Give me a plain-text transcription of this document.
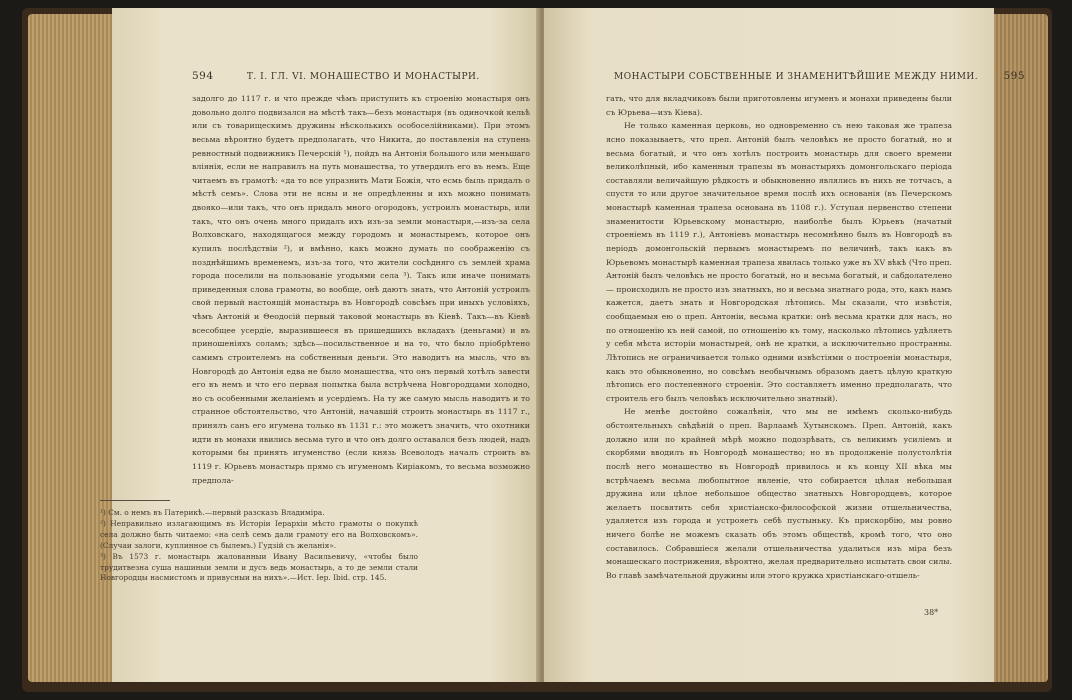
594	Т. І. ГЛ. VI. МОНАШЕСТВО И МОНАСТЫРИ.

задолго до 1117 г. и что прежде чѣмъ приступить къ строенію монастыря онъ довольно долго подвизался на мѣстѣ такъ—безъ монастыря (въ одиночкой кельѣ или съ товарищескимъ дружины нѣсколькихъ особоселійниками). При этомъ весьма вѣроятно будетъ предполагать, что Никита, до поставленія на ступень ревностный подвижникъ Печерскій ¹), пойдъ на Антонія большого или меньшаго вліянія, если не направилъ на путь монашества, то утвердилъ его въ немъ. Еще читаемъ въ грамотѣ: «да то все упразнить Мати Божія, что есмь быль придалъ о мѣстѣ семъ». Слова эти не ясны и не опредѣленны и ихъ можно понимать двояко—или такъ, что онъ придалъ много огородовъ, устроилъ монастырь, или такъ, что онъ очень много придалъ ихъ изъ-за земли монастыря,—изъ-за села Волховскаго, находящагося между городомъ и монастыремъ, которое онъ купилъ послѣдствіи ²), и вмѣнно, какъ можно думать по соображенію съ позднѣйшимъ временемъ, изъ-за того, что жители сосѣдняго съ землей храма города поселили на пользованіе угодьями села ³). Такъ или иначе понимать приведенныя слова грамоты, во вообще, онѣ даютъ знать, что Антоній устроилъ свой первый настоящій монастырь въ Новгородѣ совсѣмъ при иныхъ условіяхъ, чѣмъ Антоній и Θеодосій первый таковой монастырь въ Кіевѣ. Такъ—въ Кіевѣ всесобщее усердіе, выразившееся въ пришедшихъ вкладахъ (деньгами) и въ приношеніяхъ соламъ; здѣсь—посильственное и на то, что было пріобрѣтено самимъ строителемъ на собственныя деньги. Это наводитъ на мысль, что въ Новгородѣ до Антонія едва не было монашества, что онъ первый хотѣлъ завести его въ немъ и что его первая попытка была встрѣчена Новгородцами холодно, но съ особенными желаніемъ и усердіемъ. На ту же самую мысль наводитъ и то странное обстоятельство, что Антоній, начавшій строить монастырь въ 1117 г., принялъ санъ его игумена только въ 1131 г.: это можетъ значить, что охотники идти въ монахи явились весьма туго и что онъ долго оставался безъ людей, надъ которыми бы принять игуменство (если князь Всеволодъ началъ строить въ 1119 г. Юрьевъ монастырь прямо съ игуменомъ Кирiакомъ, то весьма возможно предпола-

МОНАСТЫРИ СОБСТВЕННЫЕ И ЗНАМЕНИТѢЙШИЕ МЕЖДУ НИМИ. 595

гать, что для вкладчиковъ были приготовлены игуменъ и монахи приведены были съ Юрьева—изъ Кіева).

Не только каменная церковь, но одновременно съ нею таковая же трапеза ясно показываетъ, что преп. Антоній былъ человѣкъ не просто богатый, но и весьма богатый, и что онъ хотѣлъ построить монастырь для своего времени великолѣпный, ибо каменныя трапезы въ монастыряхъ домонгольскаго періода составляли величайшую рѣдкость и обыкновенно являлись въ нихъ не тотчасъ, а спустя то или другое значительное время послѣ ихъ основанія (въ Печерскомъ монастырѣ каменная трапеза основана въ 1108 г.). Уступая первенство степени знаменитости Юрьевскому монастырю, наиболѣе былъ Юрьевъ (начатый строеніемъ въ 1119 г.), Антоніевъ монастырь несомнѣнно былъ въ Новгородѣ въ періодъ домонгольскій первымъ монастыремъ по величинѣ, такъ какъ въ Юрьевомъ монастырѣ каменная трапеза явилась только уже въ XV вѣкѣ (Что преп. Антоній былъ человѣкъ не просто богатый, но и весьма богатый, и сабдолателено — происходилъ не просто изъ знатныхъ, но и весьма знатнаго рода, это, какъ намъ кажется, даетъ знать и Новгородская лѣтопись. Мы сказали, что извѣстія, сообщаемыя ею о преп. Антоніи, весьма кратки: онѣ весьма кратки для насъ, но по отношенію къ ней самой, по отношенію къ тому, насколько лѣтопись удѣляетъ у себя мѣста исторіи монастырей, онѣ не кратки, а исключительно пространны. Лѣтопись не ограничивается только одними извѣстіями о построеніи монастыря, какъ это обыкновенно, но совсѣмъ необычнымъ образомъ даетъ цѣлую краткую лѣтопись его постепенного строенія. Это составляетъ именно предполагать, что строитель его былъ человѣкъ исключительно знатный).

Не менѣе достойно сожалѣнія, что мы не имѣемъ сколько-нибудь обстоятельныхъ свѣдѣній о преп. Варлаамѣ Хутынскомъ. Преп. Антоній, какъ должно или по крайней мѣрѣ можно подозрѣвать, съ великимъ усиліемъ и скорбями вводилъ въ Новгородѣ монашество; но въ продолженіе полустолѣтія послѣ него монашество въ Новгородѣ привилось и къ концу XII вѣка мы встрѣчаемъ весьма любопытное явленіе, что собирается цѣлая небольшая дружина или цѣлое небольшое общество знатныхъ Новгородцевъ, которое желаетъ посвятить себя христіанско-философской жизни отшельничества, удаляется изъ города и устрояетъ себѣ пустыньку. Къ прискорбію, мы ровно ничего болѣе не можемъ сказать объ этомъ обществѣ, кромѣ того, что оно составилось. Собравшіеся желали отшельничества удалиться изъ міра безъ монашескаго пострижения, вѣроятно, желая предварительно испытать свои силы. Во главѣ замѣчательной дружины или этого кружка христіанскаго-отшель-

38*

¹) См. о немъ въ Патерикѣ.—первый разсказъ Владиміра.

²) Неправильно излагающимъ въ Исторіи Іерархіи мѣсто грамоты о покупкѣ села должно быть читаемо: «на селѣ семъ дали грамоту его на Волховскомъ». (Случаи залоги, куплинное съ былемъ.) Гудзій съ желанія».

³) Въ 1573 г. монастырь жалованныи Ивану Васильевичу, «чтобы было трудитвезна суша нашиныи земли и дусъ ведь монастырь, а то де земли стали Новгородцы насмистомъ и привусныи на нихъ».—Ист. Іер. Ibid. стр. 145.
